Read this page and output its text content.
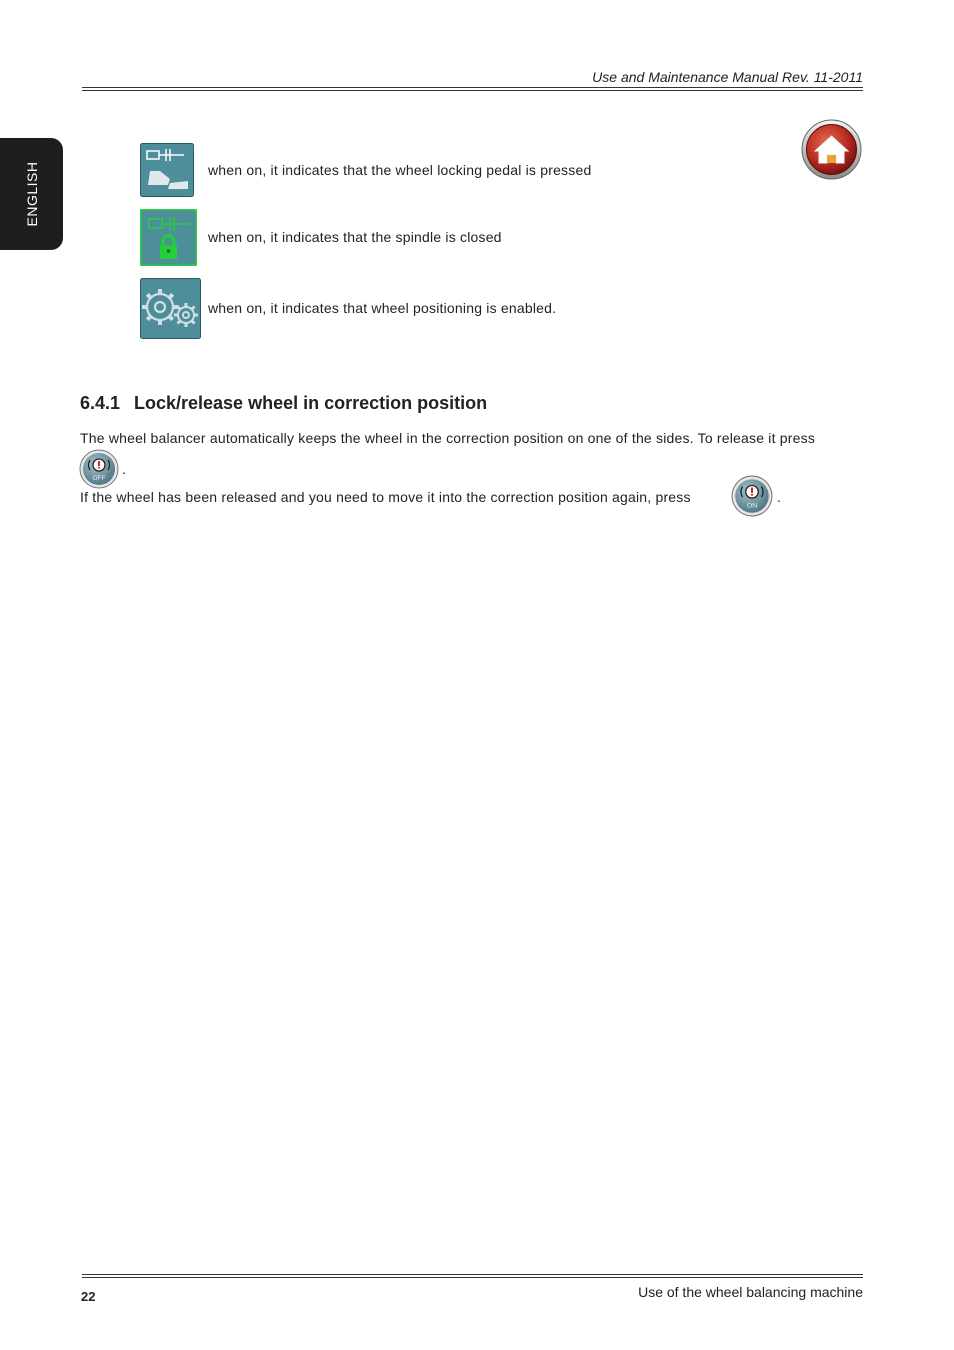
Use and Maintenance Manual Rev. 11-2011
ENGLISH	when on, it indicates that the wheel locking pedal is pressed
when on, it indicates that the spindle is closed
when on, it indicates that wheel positioning is enabled.
6.4.1 Lock/release wheel in correction position
The wheel balancer automatically keeps the wheel in the correction position on one of the sides. To release it press
OFF
.
If the wheel has been released and you need to move it into the correction position again, press
ON
.
22	Use of the wheel balancing machine
